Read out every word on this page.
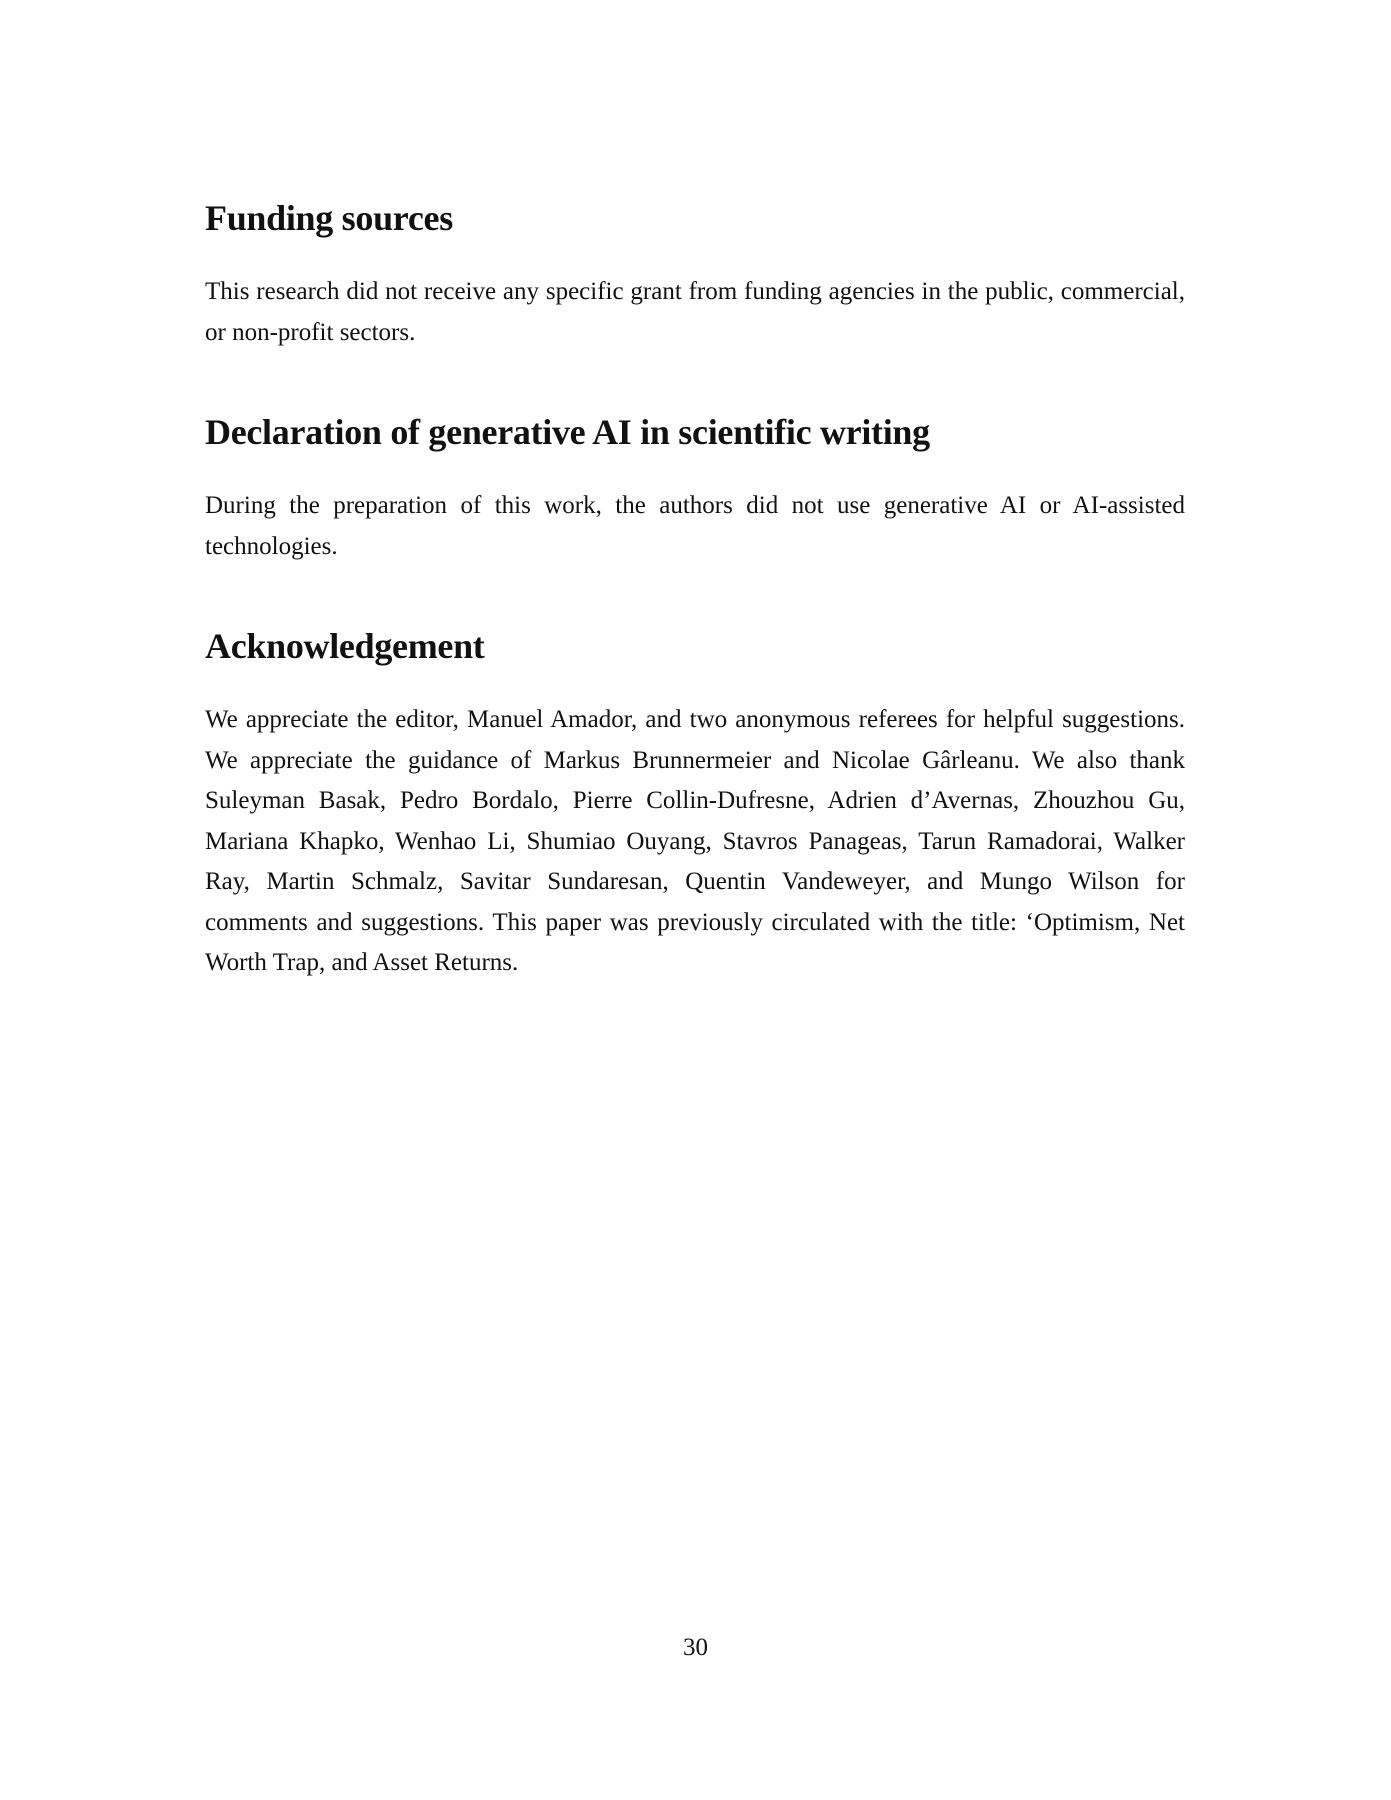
Funding sources

This research did not receive any specific grant from funding agencies in the public, commercial, or non-profit sectors.

Declaration of generative AI in scientific writing

During the preparation of this work, the authors did not use generative AI or AI-assisted technologies.

Acknowledgement

We appreciate the editor, Manuel Amador, and two anonymous referees for helpful suggestions. We appreciate the guidance of Markus Brunnermeier and Nicolae Gârleanu. We also thank Suleyman Basak, Pedro Bordalo, Pierre Collin-Dufresne, Adrien d’Avernas, Zhouzhou Gu, Mariana Khapko, Wenhao Li, Shumiao Ouyang, Stavros Panageas, Tarun Ramadorai, Walker Ray, Martin Schmalz, Savitar Sundaresan, Quentin Vandeweyer, and Mungo Wilson for comments and suggestions. This paper was previously circulated with the title: ‘Optimism, Net Worth Trap, and Asset Returns.

30
